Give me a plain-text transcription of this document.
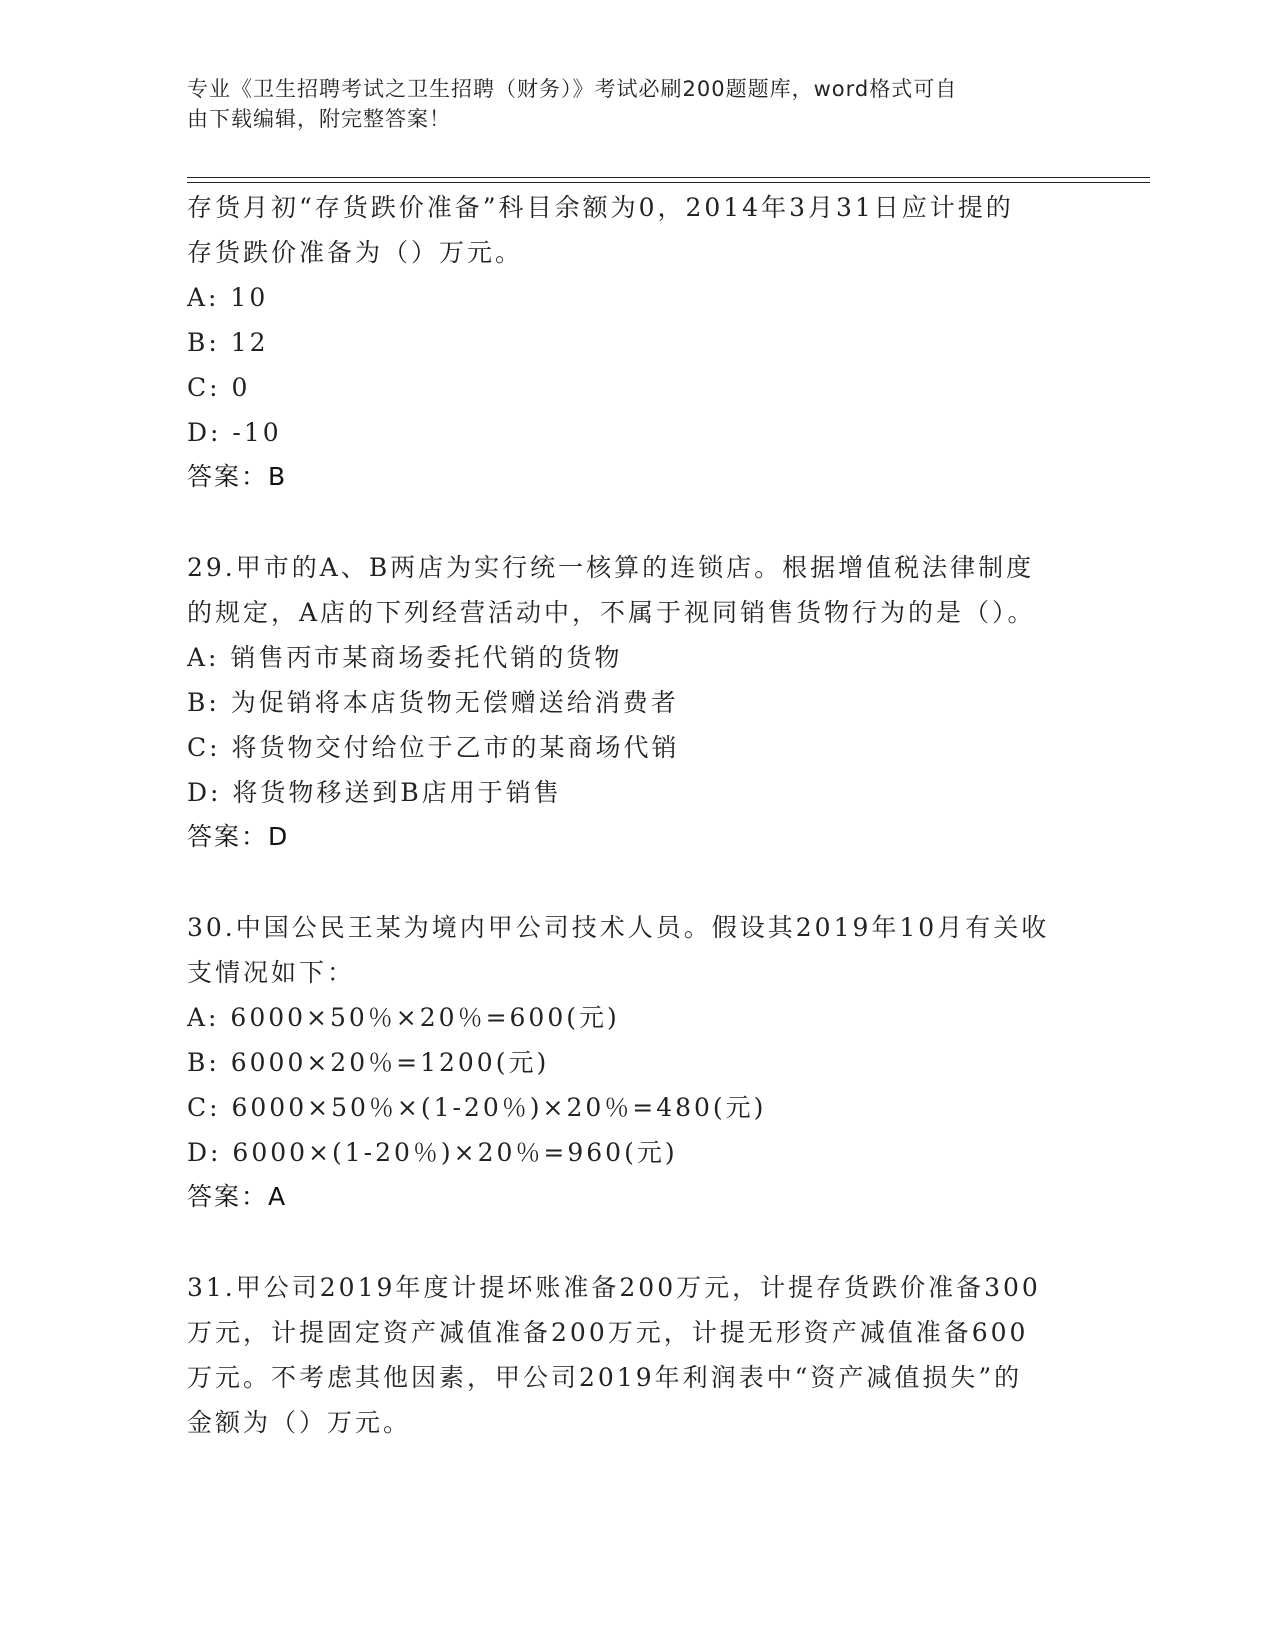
专业《卫生招聘考试之卫生招聘（财务）》考试必刷200题题库，word格式可自
由下载编辑，附完整答案！
存货月初“存货跌价准备”科目余额为0，2014年3月31日应计提的
存货跌价准备为（）万元。
A: 10
B: 12
C: 0
D: -10
答案：B
29.甲市的A、B两店为实行统一核算的连锁店。根据增值税法律制度
的规定，A店的下列经营活动中，不属于视同销售货物行为的是（）。
A: 销售丙市某商场委托代销的货物
B: 为促销将本店货物无偿赠送给消费者
C: 将货物交付给位于乙市的某商场代销
D: 将货物移送到B店用于销售
答案：D
30.中国公民王某为境内甲公司技术人员。假设其2019年10月有关收
支情况如下：
A: 6000×50％×20％=600(元)
B: 6000×20％=1200(元)
C: 6000×50％×(1-20％)×20％=480(元)
D: 6000×(1-20％)×20％=960(元)
答案：A
31.甲公司2019年度计提坏账准备200万元，计提存货跌价准备300
万元，计提固定资产减值准备200万元，计提无形资产减值准备600
万元。不考虑其他因素，甲公司2019年利润表中“资产减值损失”的
金额为（）万元。
